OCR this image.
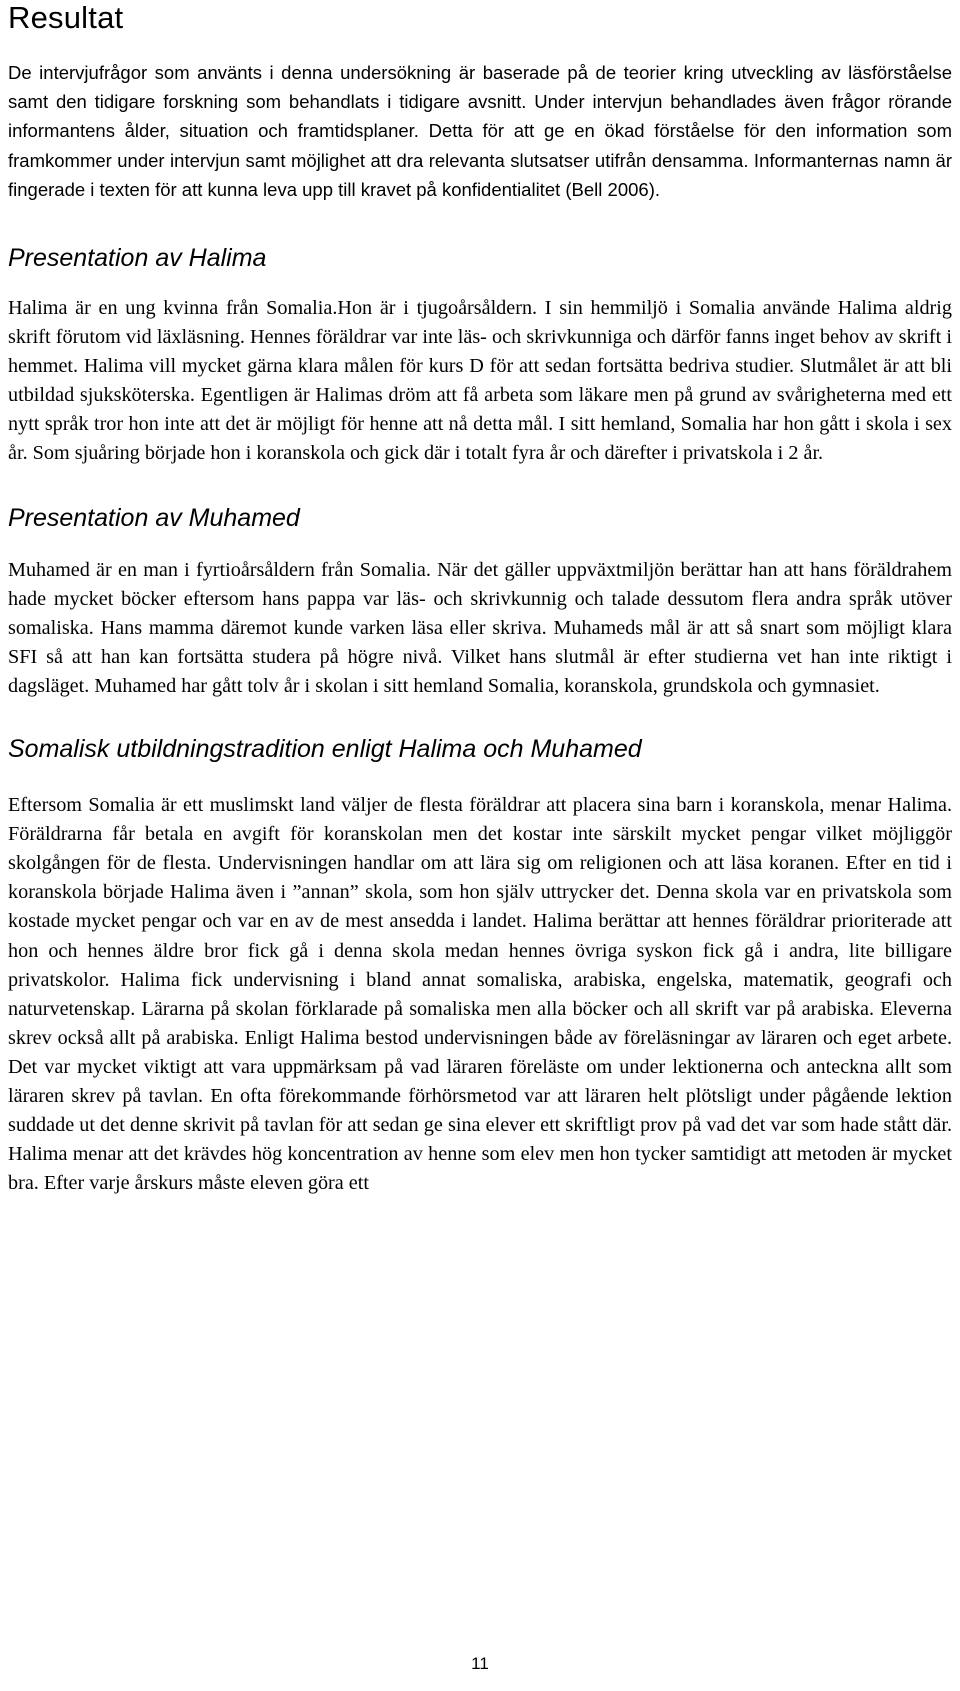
Resultat

De intervjufrågor som använts i denna undersökning är baserade på de teorier kring utveckling av läsförståelse samt den tidigare forskning som behandlats i tidigare avsnitt. Under intervjun behandlades även frågor rörande informantens ålder, situation och framtidsplaner. Detta för att ge en ökad förståelse för den information som framkommer under intervjun samt möjlighet att dra relevanta slutsatser utifrån densamma. Informanternas namn är fingerade i texten för att kunna leva upp till kravet på konfidentialitet (Bell 2006).

Presentation av Halima

Halima är en ung kvinna från Somalia.Hon är i tjugoårsåldern. I sin hemmiljö i Somalia använde Halima aldrig skrift förutom vid läxläsning. Hennes föräldrar var inte läs- och skrivkunniga och därför fanns inget behov av skrift i hemmet. Halima vill mycket gärna klara målen för kurs D för att sedan fortsätta bedriva studier. Slutmålet är att bli utbildad sjuksköterska. Egentligen är Halimas dröm att få arbeta som läkare men på grund av svårigheterna med ett nytt språk tror hon inte att det är möjligt för henne att nå detta mål. I sitt hemland, Somalia har hon gått i skola i sex år. Som sjuåring började hon i koranskola och gick där i totalt fyra år och därefter i privatskola i 2 år.

Presentation av Muhamed

Muhamed är en man i fyrtioårsåldern från Somalia. När det gäller uppväxtmiljön berättar han att hans föräldrahem hade mycket böcker eftersom hans pappa var läs- och skrivkunnig och talade dessutom flera andra språk utöver somaliska. Hans mamma däremot kunde varken läsa eller skriva. Muhameds mål är att så snart som möjligt klara SFI så att han kan fortsätta studera på högre nivå. Vilket hans slutmål är efter studierna vet han inte riktigt i dagsläget. Muhamed har gått tolv år i skolan i sitt hemland Somalia, koranskola, grundskola och gymnasiet.

Somalisk utbildningstradition enligt Halima och Muhamed

Eftersom Somalia är ett muslimskt land väljer de flesta föräldrar att placera sina barn i koranskola, menar Halima. Föräldrarna får betala en avgift för koranskolan men det kostar inte särskilt mycket pengar vilket möjliggör skolgången för de flesta. Undervisningen handlar om att lära sig om religionen och att läsa koranen. Efter en tid i koranskola började Halima även i ”annan” skola, som hon själv uttrycker det. Denna skola var en privatskola som kostade mycket pengar och var en av de mest ansedda i landet. Halima berättar att hennes föräldrar prioriterade att hon och hennes äldre bror fick gå i denna skola medan hennes övriga syskon fick gå i andra, lite billigare privatskolor. Halima fick undervisning i bland annat somaliska, arabiska, engelska, matematik, geografi och naturvetenskap. Lärarna på skolan förklarade på somaliska men alla böcker och all skrift var på arabiska. Eleverna skrev också allt på arabiska. Enligt Halima bestod undervisningen både av föreläsningar av läraren och eget arbete. Det var mycket viktigt att vara uppmärksam på vad läraren föreläste om under lektionerna och anteckna allt som läraren skrev på tavlan. En ofta förekommande förhörsmetod var att läraren helt plötsligt under pågående lektion suddade ut det denne skrivit på tavlan för att sedan ge sina elever ett skriftligt prov på vad det var som hade stått där. Halima menar att det krävdes hög koncentration av henne som elev men hon tycker samtidigt att metoden är mycket bra. Efter varje årskurs måste eleven göra ett

11
